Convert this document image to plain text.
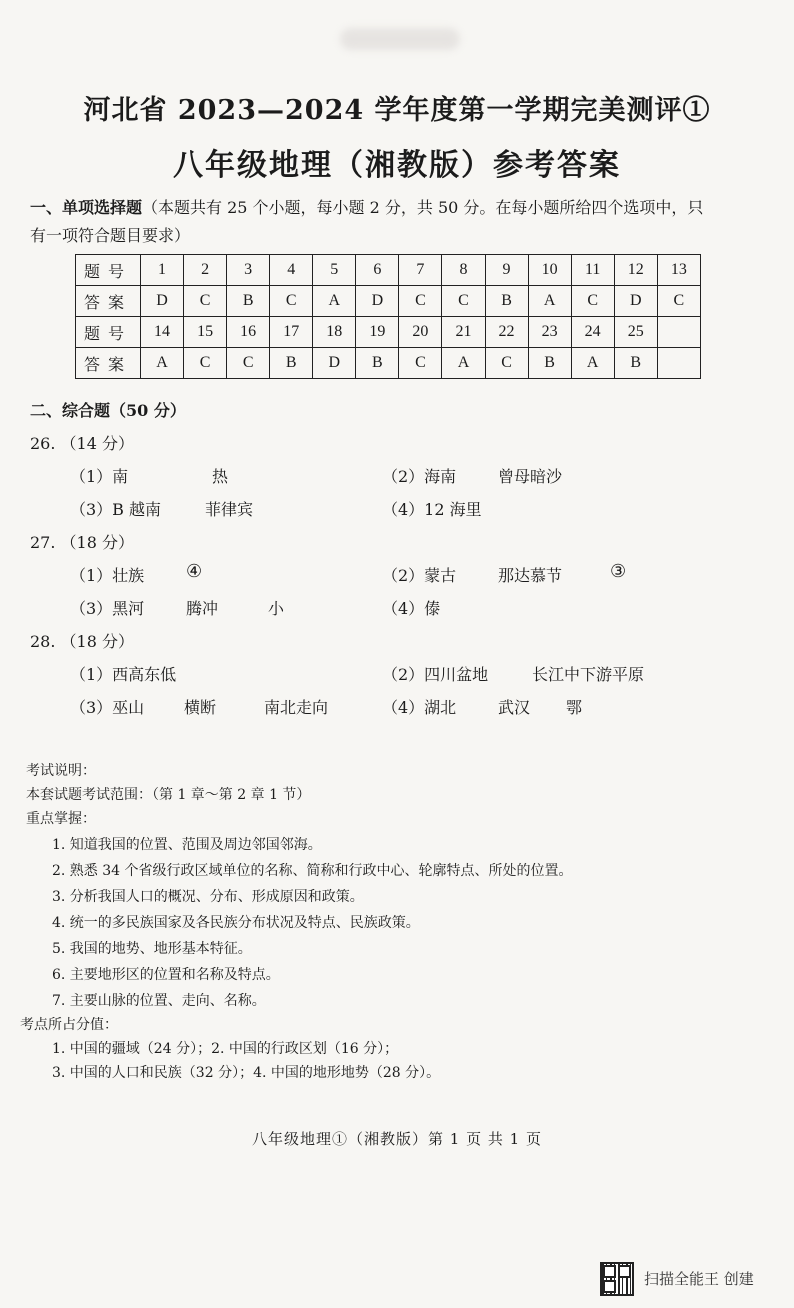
河北省 2023—2024 学年度第一学期完美测评①
八年级地理（湘教版）参考答案
一、单项选择题（本题共有 25 个小题，每小题 2 分，共 50 分。在每小题所给四个选项中，只
有一项符合题目要求）
题号	1	2	3	4	5	6	7	8	9	10	11	12	13
答案	D	C	B	C	A	D	C	C	B	A	C	D	C
题号	14	15	16	17	18	19	20	21	22	23	24	25	
答案	A	C	C	B	D	B	C	A	C	B	A	B	
二、综合题（50 分）
26. （14 分）
（1）南	热	（2）海南	曾母暗沙
（3）B 越南	菲律宾	（4）12 海里
27. （18 分）
（1）壮族 ④	（2）蒙古	那达慕节	③
（3）黑河	腾冲	小	（4）傣
28. （18 分）
（1）西高东低	（2）四川盆地	长江中下游平原
（3）巫山 横断	南北走向	（4）湖北	武汉 鄂
考试说明：
本套试题考试范围：（第 1 章～第 2 章 1 节）
重点掌握：
1. 知道我国的位置、范围及周边邻国邻海。
2. 熟悉 34 个省级行政区域单位的名称、简称和行政中心、轮廓特点、所处的位置。
3. 分析我国人口的概况、分布、形成原因和政策。
4. 统一的多民族国家及各民族分布状况及特点、民族政策。
5. 我国的地势、地形基本特征。
6. 主要地形区的位置和名称及特点。
7. 主要山脉的位置、走向、名称。
考点所占分值：
1. 中国的疆域（24 分）；2. 中国的行政区划（16 分）；
3. 中国的人口和民族（32 分）；4. 中国的地形地势（28 分）。
八年级地理①（湘教版）第 1 页 共 1 页
扫描全能王 创建
